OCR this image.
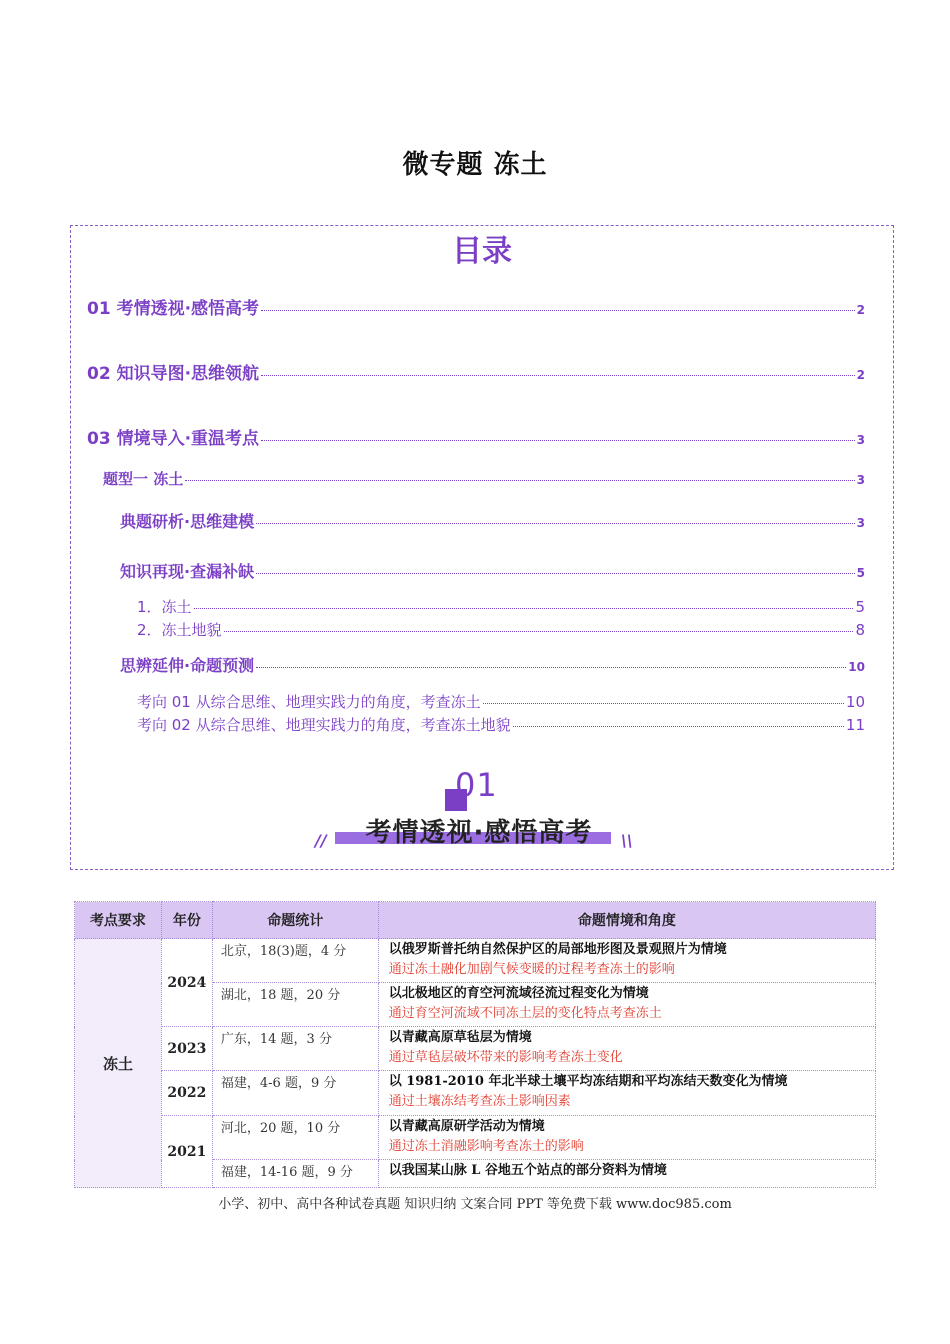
微专题 冻土
目录
01 考情透视·感悟高考	2
02 知识导图·思维领航	2
03 情境导入·重温考点	3
题型一 冻土	3
典题研析·思维建模	3
知识再现·查漏补缺	5
1．冻土	5
2．冻土地貌	8
思辨延伸·命题预测	10
考向 01 从综合思维、地理实践力的角度，考查冻土	10
考向 02 从综合思维、地理实践力的角度，考查冻土地貌	11
01
//	考情透视·感悟高考	\\
考点要求	年份	命题统计	命题情境和角度
冻土	2024	北京，18(3)题，4 分	以俄罗斯普托纳自然保护区的局部地形图及景观照片为情境
通过冻土融化加剧气候变暖的过程考查冻土的影响

		湖北，18 题，20 分	以北极地区的育空河流域径流过程变化为情境
通过育空河流域不同冻土层的变化特点考查冻土

	2023	广东，14 题，3 分	以青藏高原草毡层为情境
通过草毡层破坏带来的影响考查冻土变化

	2022	福建，4-6 题，9 分	以 1981-2010 年北半球土壤平均冻结期和平均冻结天数变化为情境
通过土壤冻结考查冻土影响因素

	2021	河北，20 题，10 分	以青藏高原研学活动为情境
通过冻土消融影响考查冻土的影响

		福建，14-16 题，9 分	以我国某山脉 L 谷地五个站点的部分资料为情境
小学、初中、高中各种试卷真题 知识归纳 文案合同 PPT 等免费下载 www.doc985.com
